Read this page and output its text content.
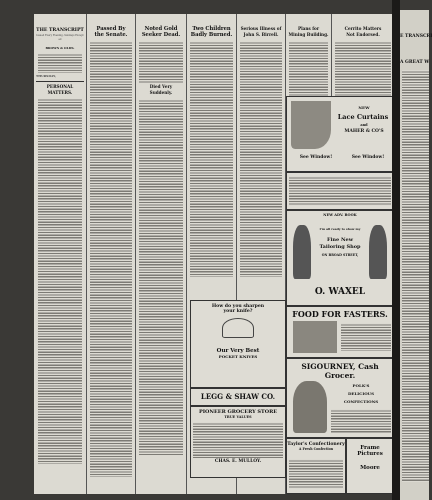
THE TRANSCRIPT
Issued Every Evening, Sundays Excepted
BROWN & OLDS.
THURSDAY,
PERSONAL MATTERS.
Passed By
the Senate.
Noted Gold
Seeker Dead.
Died Very
Suddenly.
Two Children
Badly Burned.
Serious Illness of
John S. Birrell.
Plans for
Mining Building.
Cerrito Matters
Not Endorsed.
How do you sharpen
your knife?
Our Very Best
POCKET KNIVES
LEGG & SHAW CO.
PIONEER GROCERY STORE
TRUE VALUES
CHAS. E. MULLOY.
NEW
Lace Curtains
and
MAHER & CO'S
See Window!	See Window!
NEW ADV. BOOK
I'm all ready to show my
Fine New
Tailoring Shop
ON BROAD STREET,
O. WAXEL
FOOD FOR FASTERS.
SIGOURNEY, Cash Grocer.
POLK'S
DELICIOUS
CONFECTIONS
Taylor's Confectionery
A Fresh Confection	Frame
Pictures
Moore
E TRANSCRI
A GREAT W
